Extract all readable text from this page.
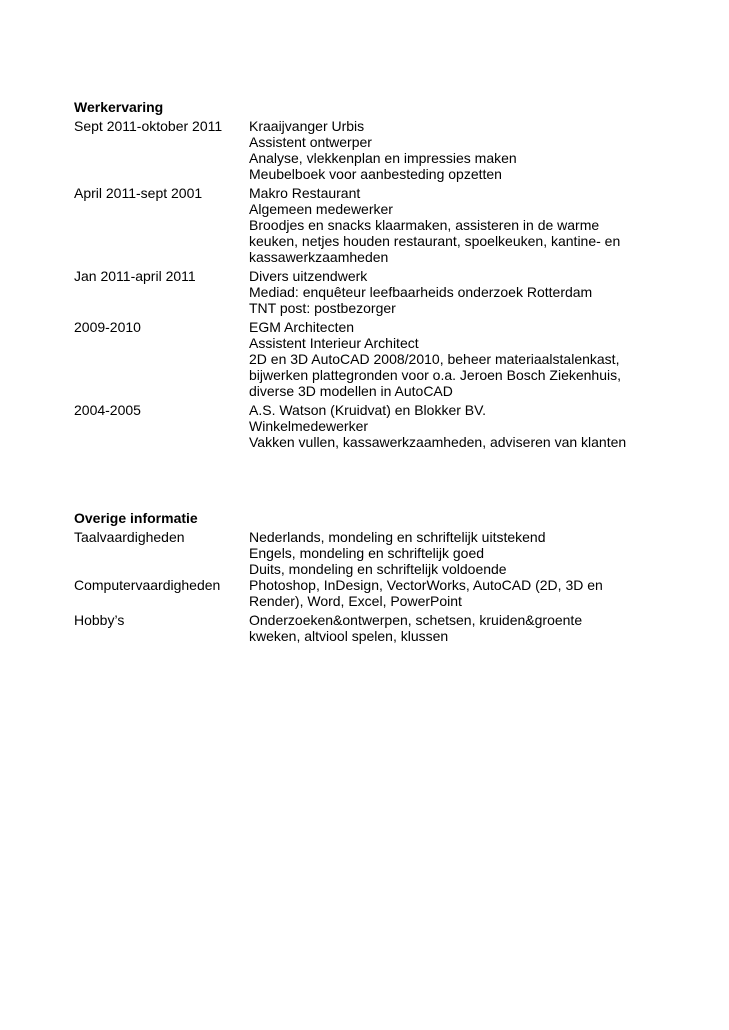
Werkervaring
Sept 2011-oktober 2011	Kraaijvanger Urbis
Assistent ontwerper
Analyse, vlekkenplan en impressies maken
Meubelboek voor aanbesteding opzetten
April 2011-sept 2001	Makro Restaurant
Algemeen medewerker
Broodjes en snacks klaarmaken, assisteren in de warme
keuken, netjes houden restaurant, spoelkeuken, kantine- en
kassawerkzaamheden
Jan 2011-april 2011	Divers uitzendwerk
Mediad: enquêteur leefbaarheids onderzoek Rotterdam
TNT post: postbezorger
2009-2010	EGM Architecten
Assistent Interieur Architect
2D en 3D AutoCAD 2008/2010, beheer materiaalstalenkast,
bijwerken plattegronden voor o.a. Jeroen Bosch Ziekenhuis,
diverse 3D modellen in AutoCAD
2004-2005	A.S. Watson (Kruidvat) en Blokker BV.
Winkelmedewerker
Vakken vullen, kassawerkzaamheden, adviseren van klanten
Overige informatie
Taalvaardigheden	Nederlands, mondeling en schriftelijk uitstekend
Engels, mondeling en schriftelijk goed
Duits, mondeling en schriftelijk voldoende
Computervaardigheden	Photoshop, InDesign, VectorWorks, AutoCAD (2D, 3D en
Render), Word, Excel, PowerPoint
Hobby’s	Onderzoeken&ontwerpen, schetsen, kruiden&groente
kweken, altviool spelen, klussen
